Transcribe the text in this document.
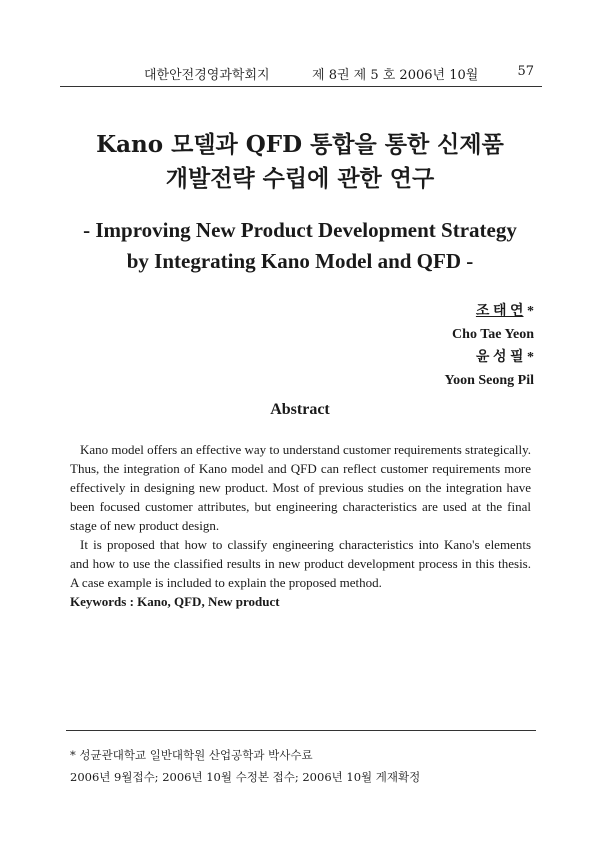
대한안전경영과학회지	제 8권 제 5 호 2006년 10월	57
Kano 모델과 QFD 통합을 통한 신제품
개발전략 수립에 관한 연구
- Improving New Product Development Strategy
by Integrating Kano Model and QFD -
조 태 연 *
Cho Tae Yeon
윤 성 필 *
Yoon Seong Pil
Abstract

Kano model offers an effective way to understand customer requirements strategically. Thus, the integration of Kano model and QFD can reflect customer requirements more effectively in designing new product. Most of previous studies on the integration have been focused customer attributes, but engineering characteristics are used at the final stage of new product design.

It is proposed that how to classify engineering characteristics into Kano's elements and how to use the classified results in new product development process in this thesis. A case example is included to explain the proposed method.

Keywords : Kano, QFD, New product
* 성균관대학교 일반대학원 산업공학과 박사수료
2006년 9월접수; 2006년 10월 수정본 접수; 2006년 10월 게재확정
